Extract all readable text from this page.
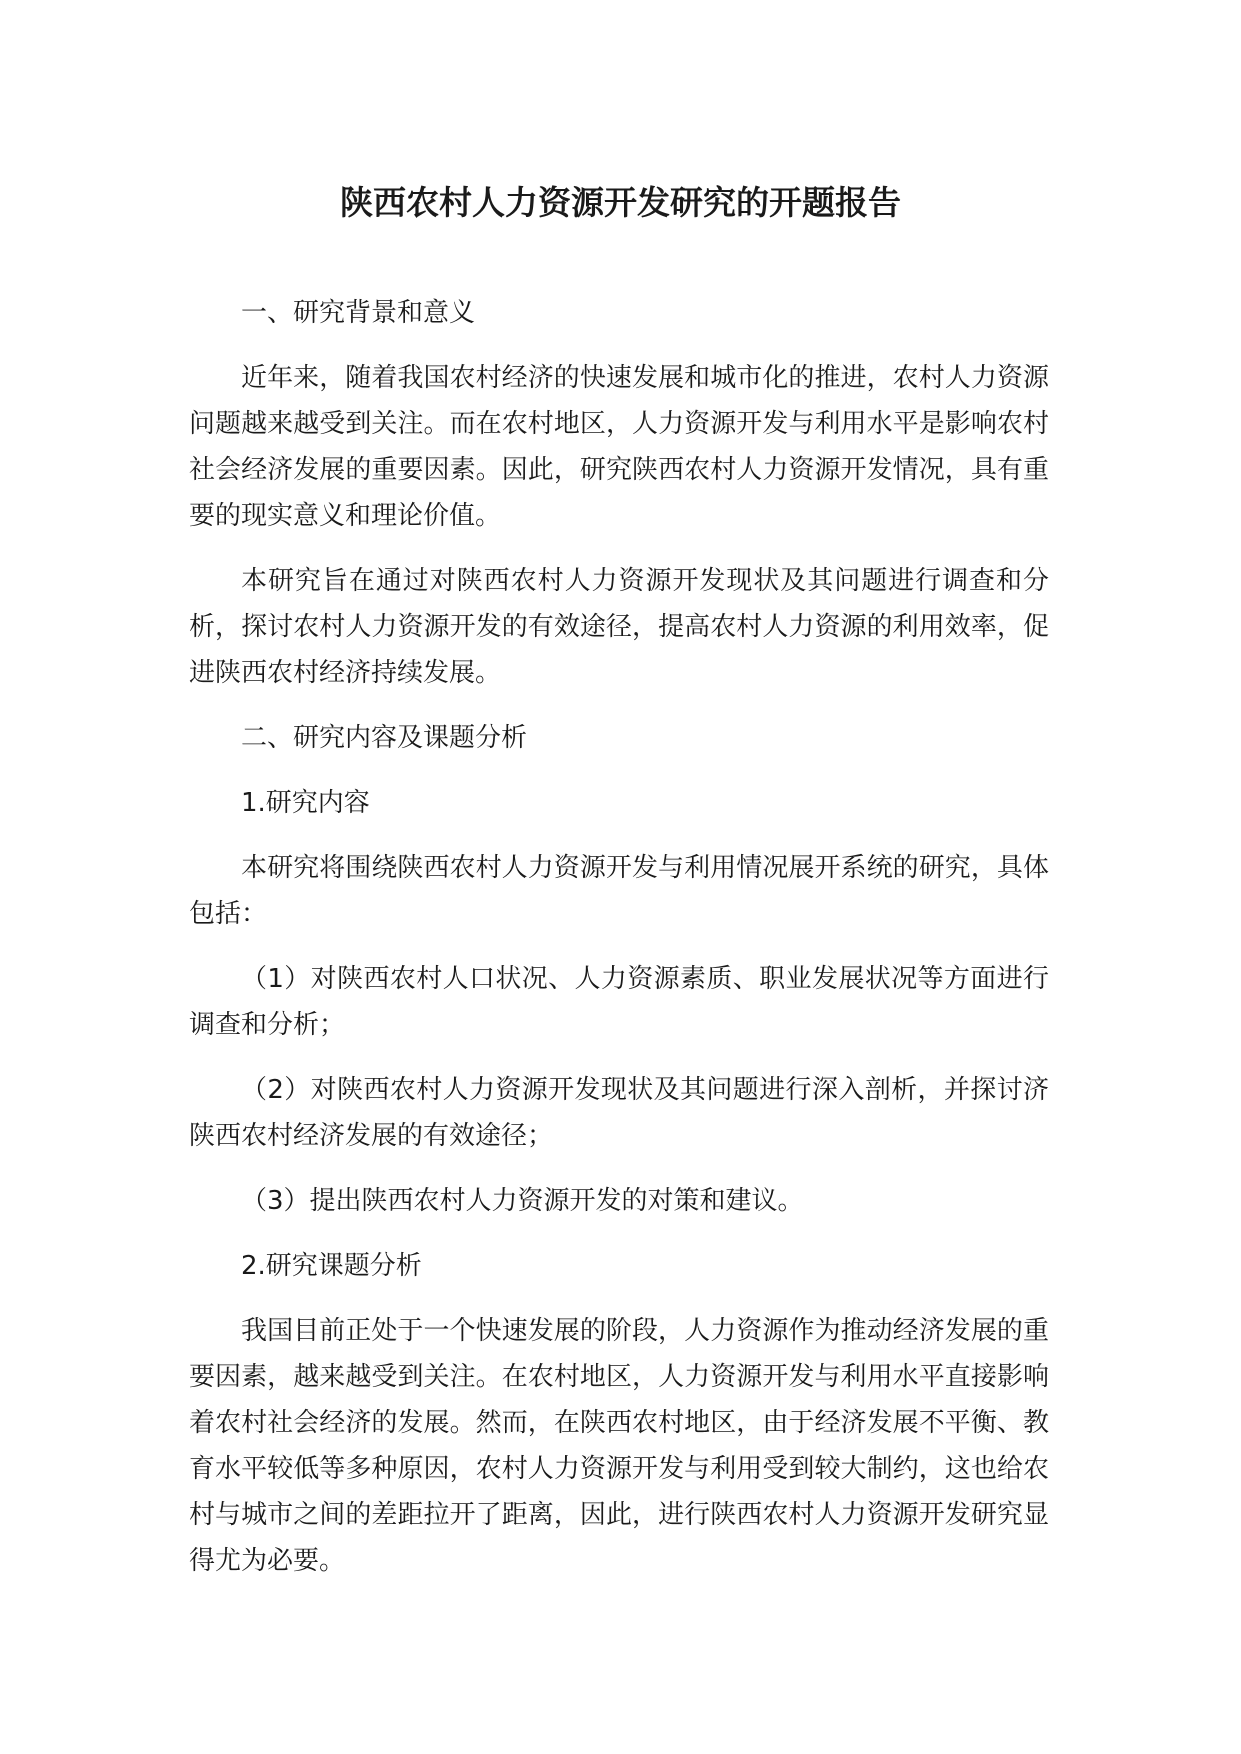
陕西农村人力资源开发研究的开题报告

一、研究背景和意义

近年来，随着我国农村经济的快速发展和城市化的推进，农村人力资源问题越来越受到关注。而在农村地区，人力资源开发与利用水平是影响农村社会经济发展的重要因素。因此，研究陕西农村人力资源开发情况，具有重要的现实意义和理论价值。

本研究旨在通过对陕西农村人力资源开发现状及其问题进行调查和分析，探讨农村人力资源开发的有效途径，提高农村人力资源的利用效率，促进陕西农村经济持续发展。

二、研究内容及课题分析

1.研究内容

本研究将围绕陕西农村人力资源开发与利用情况展开系统的研究，具体包括：

（1）对陕西农村人口状况、人力资源素质、职业发展状况等方面进行调查和分析；

（2）对陕西农村人力资源开发现状及其问题进行深入剖析，并探讨济陕西农村经济发展的有效途径；

（3）提出陕西农村人力资源开发的对策和建议。

2.研究课题分析

我国目前正处于一个快速发展的阶段，人力资源作为推动经济发展的重要因素，越来越受到关注。在农村地区，人力资源开发与利用水平直接影响着农村社会经济的发展。然而，在陕西农村地区，由于经济发展不平衡、教育水平较低等多种原因，农村人力资源开发与利用受到较大制约，这也给农村与城市之间的差距拉开了距离，因此，进行陕西农村人力资源开发研究显得尤为必要。
